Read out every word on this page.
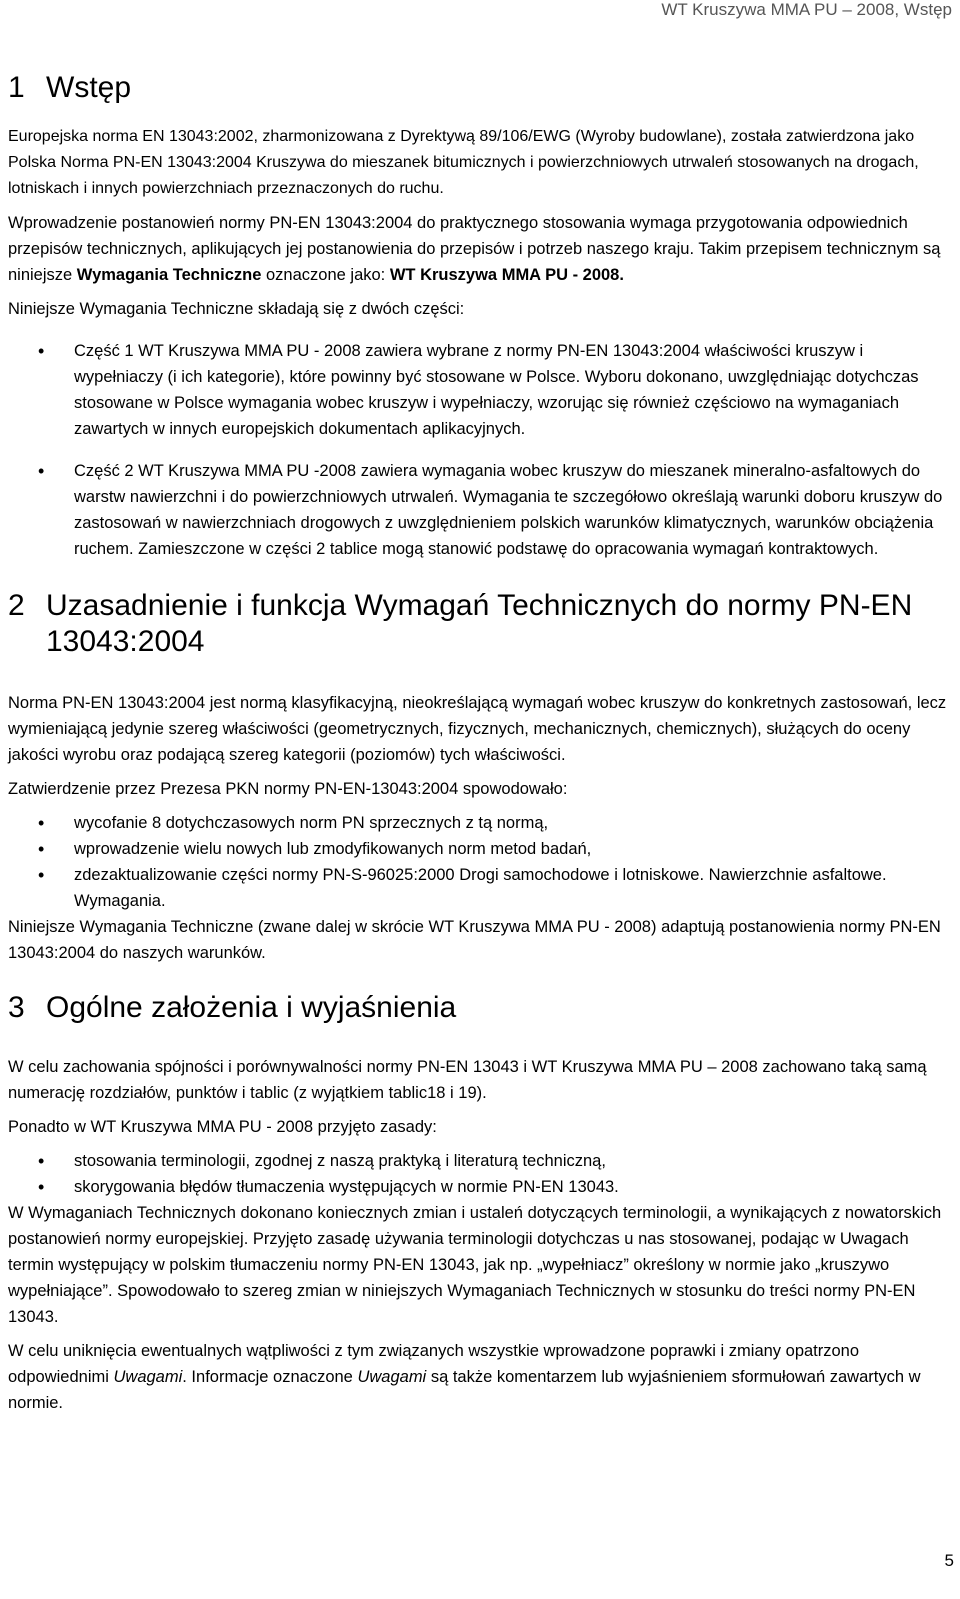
WT Kruszywa MMA PU – 2008, Wstęp
1 Wstęp

Europejska norma EN 13043:2002, zharmonizowana z Dyrektywą 89/106/EWG (Wyroby budowlane), została zatwierdzona jako Polska Norma PN-EN 13043:2004 Kruszywa do mieszanek bitumicznych i powierzchniowych utrwaleń stosowanych na drogach, lotniskach i innych powierzchniach przeznaczonych do ruchu.

Wprowadzenie postanowień normy PN-EN 13043:2004 do praktycznego stosowania wymaga przygotowania odpowiednich przepisów technicznych, aplikujących jej postanowienia do przepisów i potrzeb naszego kraju. Takim przepisem technicznym są niniejsze Wymagania Techniczne oznaczone jako: WT Kruszywa MMA PU - 2008.

Niniejsze Wymagania Techniczne składają się z dwóch części:

• Część 1 WT Kruszywa MMA PU - 2008 zawiera wybrane z normy PN-EN 13043:2004 właściwości kruszyw i wypełniaczy (i ich kategorie), które powinny być stosowane w Polsce. Wyboru dokonano, uwzględniając dotychczas stosowane w Polsce wymagania wobec kruszyw i wypełniaczy, wzorując się również częściowo na wymaganiach zawartych w innych europejskich dokumentach aplikacyjnych.
• Część 2 WT Kruszywa MMA PU -2008 zawiera wymagania wobec kruszyw do mieszanek mineralno-asfaltowych do warstw nawierzchni i do powierzchniowych utrwaleń. Wymagania te szczegółowo określają warunki doboru kruszyw do zastosowań w nawierzchniach drogowych z uwzględnieniem polskich warunków klimatycznych, warunków obciążenia ruchem. Zamieszczone w części 2 tablice mogą stanowić podstawę do opracowania wymagań kontraktowych.
2 Uzasadnienie i funkcja Wymagań Technicznych do normy PN-EN 13043:2004

Norma PN-EN 13043:2004 jest normą klasyfikacyjną, nieokreślającą wymagań wobec kruszyw do konkretnych zastosowań, lecz wymieniającą jedynie szereg właściwości (geometrycznych, fizycznych, mechanicznych, chemicznych), służących do oceny jakości wyrobu oraz podającą szereg kategorii (poziomów) tych właściwości.

Zatwierdzenie przez Prezesa PKN normy PN-EN-13043:2004 spowodowało:

• wycofanie 8 dotychczasowych norm PN sprzecznych z tą normą,
• wprowadzenie wielu nowych lub zmodyfikowanych norm metod badań,
• zdezaktualizowanie części normy PN-S-96025:2000 Drogi samochodowe i lotniskowe. Nawierzchnie asfaltowe. Wymagania.

Niniejsze Wymagania Techniczne (zwane dalej w skrócie WT Kruszywa MMA PU - 2008) adaptują postanowienia normy PN-EN 13043:2004 do naszych warunków.

3 Ogólne założenia i wyjaśnienia

W celu zachowania spójności i porównywalności normy PN-EN 13043 i WT Kruszywa MMA PU – 2008 zachowano taką samą numerację rozdziałów, punktów i tablic (z wyjątkiem tablic18 i 19).

Ponadto w WT Kruszywa MMA PU - 2008 przyjęto zasady:

• stosowania terminologii, zgodnej z naszą praktyką i literaturą techniczną,
• skorygowania błędów tłumaczenia występujących w normie PN-EN 13043.

W Wymaganiach Technicznych dokonano koniecznych zmian i ustaleń dotyczących terminologii, a wynikających z nowatorskich postanowień normy europejskiej. Przyjęto zasadę używania terminologii dotychczas u nas stosowanej, podając w Uwagach termin występujący w polskim tłumaczeniu normy PN-EN 13043, jak np. „wypełniacz” określony w normie jako „kruszywo wypełniające”. Spowodowało to szereg zmian w niniejszych Wymaganiach Technicznych w stosunku do treści normy PN-EN 13043.

W celu uniknięcia ewentualnych wątpliwości z tym związanych wszystkie wprowadzone poprawki i zmiany opatrzono odpowiednimi Uwagami. Informacje oznaczone Uwagami są także komentarzem lub wyjaśnieniem sformułowań zawartych w normie.

5
